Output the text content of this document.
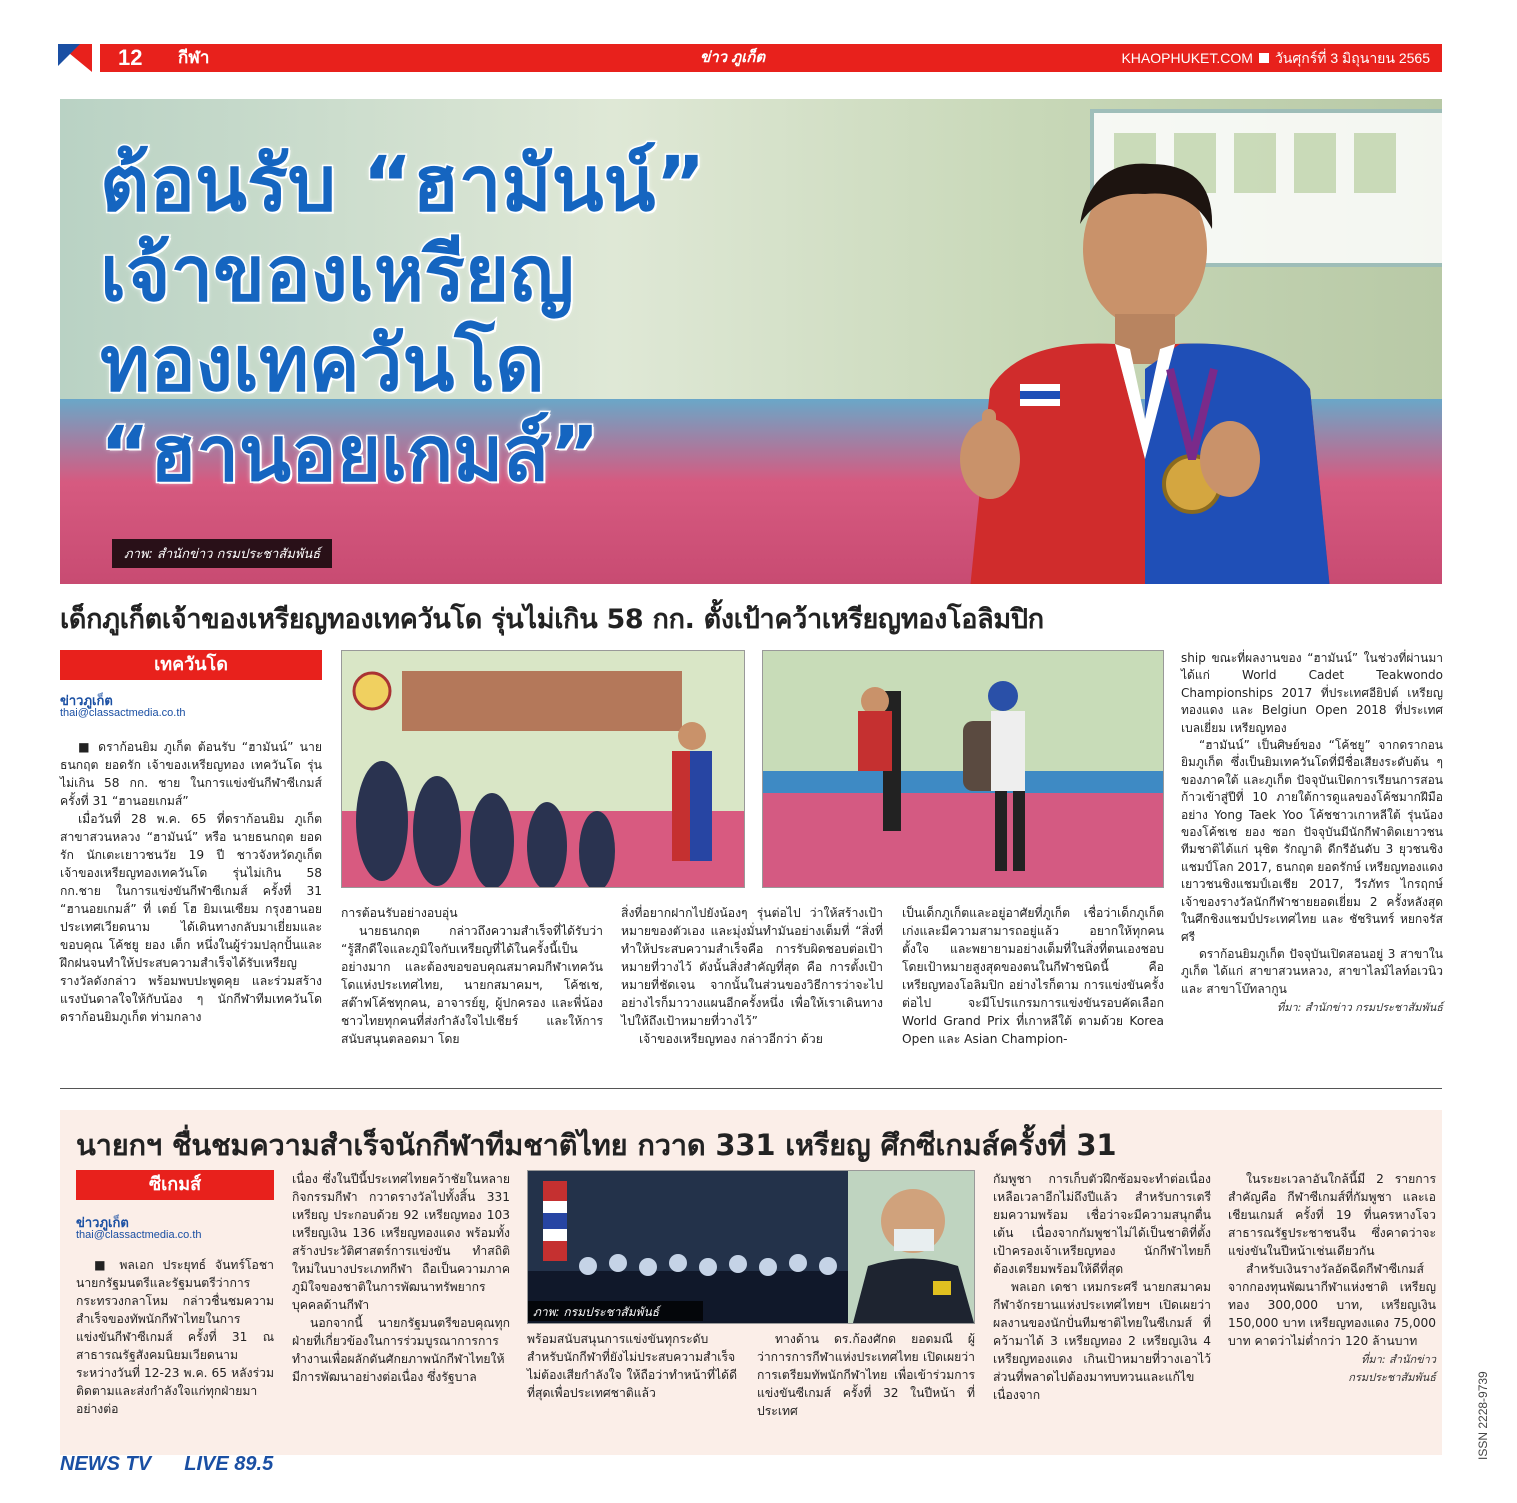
12 กีฬา	ข่าว ภูเก็ต	KHAOPHUKET.COM วันศุกร์ที่ 3 มิถุนายน 2565
ต้อนรับ “ฮามันน์”
เจ้าของเหรียญ
ทองเทควันโด
“ฮานอยเกมส์”
ภาพ: สำนักข่าว กรมประชาสัมพันธ์
เด็กภูเก็ตเจ้าของเหรียญทองเทควันโด รุ่นไม่เกิน 58 กก. ตั้งเป้าคว้าเหรียญทองโอลิมปิก
เทควันโด
ข่าวภูเก็ต
thai@classactmedia.co.th

■ ดราก้อนยิม ภูเก็ต ต้อนรับ “ฮามันน์” นายธนกฤต ยอดรัก เจ้าของเหรียญทอง เทควันโด รุ่นไม่เกิน 58 กก. ชาย ในการแข่งขันกีฬาซีเกมส์ ครั้งที่ 31 “ฮานอยเกมส์”

เมื่อวันที่ 28 พ.ค. 65 ที่ดราก้อนยิม ภูเก็ต สาขาสวนหลวง “ฮามันน์” หรือ นายธนกฤต ยอดรัก นักเตะเยาวชนวัย 19 ปี ชาวจังหวัดภูเก็ต เจ้าของเหรียญทองเทควันโด รุ่นไม่เกิน 58 กก.ชาย ในการแข่งขันกีฬาซีเกมส์ ครั้งที่ 31 “ฮานอยเกมส์” ที่ เตย์ โฮ ยิมเนเซียม กรุงฮานอย ประเทศเวียดนาม ได้เดินทางกลับมาเยี่ยมและขอบคุณ โค้ชยู ยอง เต็ก หนึ่งในผู้ร่วมปลุกปั้นและฝึกฝนจนทำให้ประสบความสำเร็จได้รับเหรียญรางวัลดังกล่าว พร้อมพบปะพูดคุย และร่วมสร้างแรงบันดาลใจให้กับน้อง ๆ นักกีฬาทีมเทควันโด ดราก้อนยิมภูเก็ต ท่ามกลาง

การต้อนรับอย่างอบอุ่น

นายธนกฤต กล่าวถึงความสำเร็จที่ได้รับว่า “รู้สึกดีใจและภูมิใจกับเหรียญที่ได้ในครั้งนี้เป็นอย่างมาก และต้องขอขอบคุณสมาคมกีฬาเทควันโดแห่งประเทศไทย, นายกสมาคมฯ, โค้ชเช, สต๊าฟโค้ชทุกคน, อาจารย์ยู, ผู้ปกครอง และพี่น้องชาวไทยทุกคนที่ส่งกำลังใจไปเชียร์ และให้การสนับสนุนตลอดมา โดย

สิ่งที่อยากฝากไปยังน้องๆ รุ่นต่อไป ว่าให้สร้างเป้าหมายของตัวเอง และมุ่งมั่นทำมันอย่างเต็มที่ “สิ่งที่ทำให้ประสบความสำเร็จคือ การรับผิดชอบต่อเป้าหมายที่วางไว้ ดังนั้นสิ่งสำคัญที่สุด คือ การตั้งเป้าหมายที่ชัดเจน จากนั้นในส่วนของวิธีการว่าจะไปอย่างไรก็มาวางแผนอีกครั้งหนึ่ง เพื่อให้เราเดินทางไปให้ถึงเป้าหมายที่วางไว้”

เจ้าของเหรียญทอง กล่าวอีกว่า ด้วย

เป็นเด็กภูเก็ตและอยู่อาศัยที่ภูเก็ต เชื่อว่าเด็กภูเก็ตเก่งและมีความสามารถอยู่แล้ว อยากให้ทุกคนตั้งใจ และพยายามอย่างเต็มที่ในสิ่งที่ตนเองชอบ โดยเป้าหมายสูงสุดของตนในกีฬาชนิดนี้ คือ เหรียญทองโอลิมปิก อย่างไรก็ตาม การแข่งขันครั้งต่อไป จะมีโปรแกรมการแข่งขันรอบคัดเลือก World Grand Prix ที่เกาหลีใต้ ตามด้วย Korea Open และ Asian Champion-

ship ขณะที่ผลงานของ “ฮามันน์” ในช่วงที่ผ่านมา ได้แก่ World Cadet Teakwondo Championships 2017 ที่ประเทศอียิปต์ เหรียญทองแดง และ Belgiun Open 2018 ที่ประเทศ เบลเยี่ยม เหรียญทอง

“ฮามันน์” เป็นศิษย์ของ “โค้ชยู” จากดรากอนยิมภูเก็ต ซึ่งเป็นยิมเทควันโดที่มีชื่อเสียงระดับต้น ๆ ของภาคใต้ และภูเก็ต ปัจจุบันเปิดการเรียนการสอนก้าวเข้าสู่ปีที่ 10 ภายใต้การดูแลของโค้ชมากฝีมืออย่าง Yong Taek Yoo โค้ชชาวเกาหลีใต้ รุ่นน้องของโค้ชเช ยอง ซอก ปัจจุบันมีนักกีฬาติดเยาวชนทีมชาติได้แก่ นุชิต รักญาติ ดีกรีอันดับ 3 ยุวชนชิงแชมป์โลก 2017, ธนกฤต ยอดรักษ์ เหรียญทองแดง เยาวชนชิงแชมป์เอเชีย 2017, วีรภัทร ไกรฤกษ์ เจ้าของรางวัลนักกีฬาชายยอดเยี่ยม 2 ครั้งหลังสุดในศึกชิงแชมป์ประเทศไทย และ ชัชรินทร์ หยกจรัสศรี

ดราก้อนยิมภูเก็ต ปัจจุบันเปิดสอนอยู่ 3 สาขาในภูเก็ต ได้แก่ สาขาสวนหลวง, สาขาไลม์ไลท์อเวนิว และ สาขาโบ๊ทลากูน

ที่มา: สำนักข่าว กรมประชาสัมพันธ์
นายกฯ ชื่นชมความสำเร็จนักกีฬาทีมชาติไทย กวาด 331 เหรียญ ศึกซีเกมส์ครั้งที่ 31
ซีเกมส์
ข่าวภูเก็ต
thai@classactmedia.co.th

■ พลเอก ประยุทธ์ จันทร์โอชา นายกรัฐมนตรีและรัฐมนตรีว่าการกระทรวงกลาโหม กล่าวชื่นชมความสำเร็จของทัพนักกีฬาไทยในการแข่งขันกีฬาซีเกมส์ ครั้งที่ 31 ณ สาธารณรัฐสังคมนิยมเวียดนาม ระหว่างวันที่ 12-23 พ.ค. 65 หลังร่วมติดตามและส่งกำลังใจแก่ทุกฝ่ายมาอย่างต่อ

เนื่อง ซึ่งในปีนี้ประเทศไทยคว้าชัยในหลายกิจกรรมกีฬา กวาดรางวัลไปทั้งสิ้น 331 เหรียญ ประกอบด้วย 92 เหรียญทอง 103 เหรียญเงิน 136 เหรียญทองแดง พร้อมทั้งสร้างประวัติศาสตร์การแข่งขัน ทำสถิติใหม่ในบางประเภทกีฬา ถือเป็นความภาคภูมิใจของชาติในการพัฒนาทรัพยากรบุคคลด้านกีฬา

นอกจากนี้ นายกรัฐมนตรีขอบคุณทุกฝ่ายที่เกี่ยวข้องในการร่วมบูรณาการการทำงานเพื่อผลักดันศักยภาพนักกีฬาไทยให้มีการพัฒนาอย่างต่อเนื่อง ซึ่งรัฐบาล

ภาพ: กรมประชาสัมพันธ์

พร้อมสนับสนุนการแข่งขันทุกระดับ สำหรับนักกีฬาที่ยังไม่ประสบความสำเร็จไม่ต้องเสียกำลังใจ ให้ถือว่าทำหน้าที่ได้ดีที่สุดเพื่อประเทศชาติแล้ว

ทางด้าน ดร.ก้องศักด ยอดมณี ผู้ว่าการการกีฬาแห่งประเทศไทย เปิดเผยว่า การเตรียมทัพนักกีฬาไทย เพื่อเข้าร่วมการแข่งขันซีเกมส์ ครั้งที่ 32 ในปีหน้า ที่ประเทศ

กัมพูชา การเก็บตัวฝึกซ้อมจะทำต่อเนื่อง เหลือเวลาอีกไม่ถึงปีแล้ว สำหรับการเตรียมความพร้อม เชื่อว่าจะมีความสนุกตื่นเต้น เนื่องจากกัมพูชาไม่ได้เป็นชาติที่ตั้งเป้าครองเจ้าเหรียญทอง นักกีฬาไทยก็ต้องเตรียมพร้อมให้ดีที่สุด

พลเอก เดชา เหมกระศรี นายกสมาคมกีฬาจักรยานแห่งประเทศไทยฯ เปิดเผยว่า ผลงานของนักปั่นทีมชาติไทยในซีเกมส์ ที่คว้ามาได้ 3 เหรียญทอง 2 เหรียญเงิน 4 เหรียญทองแดง เกินเป้าหมายที่วางเอาไว้ ส่วนที่พลาดไปต้องมาทบทวนและแก้ไขเนื่องจาก

ในระยะเวลาอันใกล้นี้มี 2 รายการสำคัญคือ กีฬาซีเกมส์ที่กัมพูชา และเอเชียนเกมส์ ครั้งที่ 19 ที่นครหางโจว สาธารณรัฐประชาชนจีน ซึ่งคาดว่าจะแข่งขันในปีหน้าเช่นเดียวกัน

สำหรับเงินรางวัลอัดฉีดกีฬาซีเกมส์จากกองทุนพัฒนากีฬาแห่งชาติ เหรียญทอง 300,000 บาท, เหรียญเงิน 150,000 บาท เหรียญทองแดง 75,000 บาท คาดว่าไม่ต่ำกว่า 120 ล้านบาท

ที่มา: สำนักข่าว
กรมประชาสัมพันธ์	ISSN 2228-9739
NEWS TV LIVE 89.5
